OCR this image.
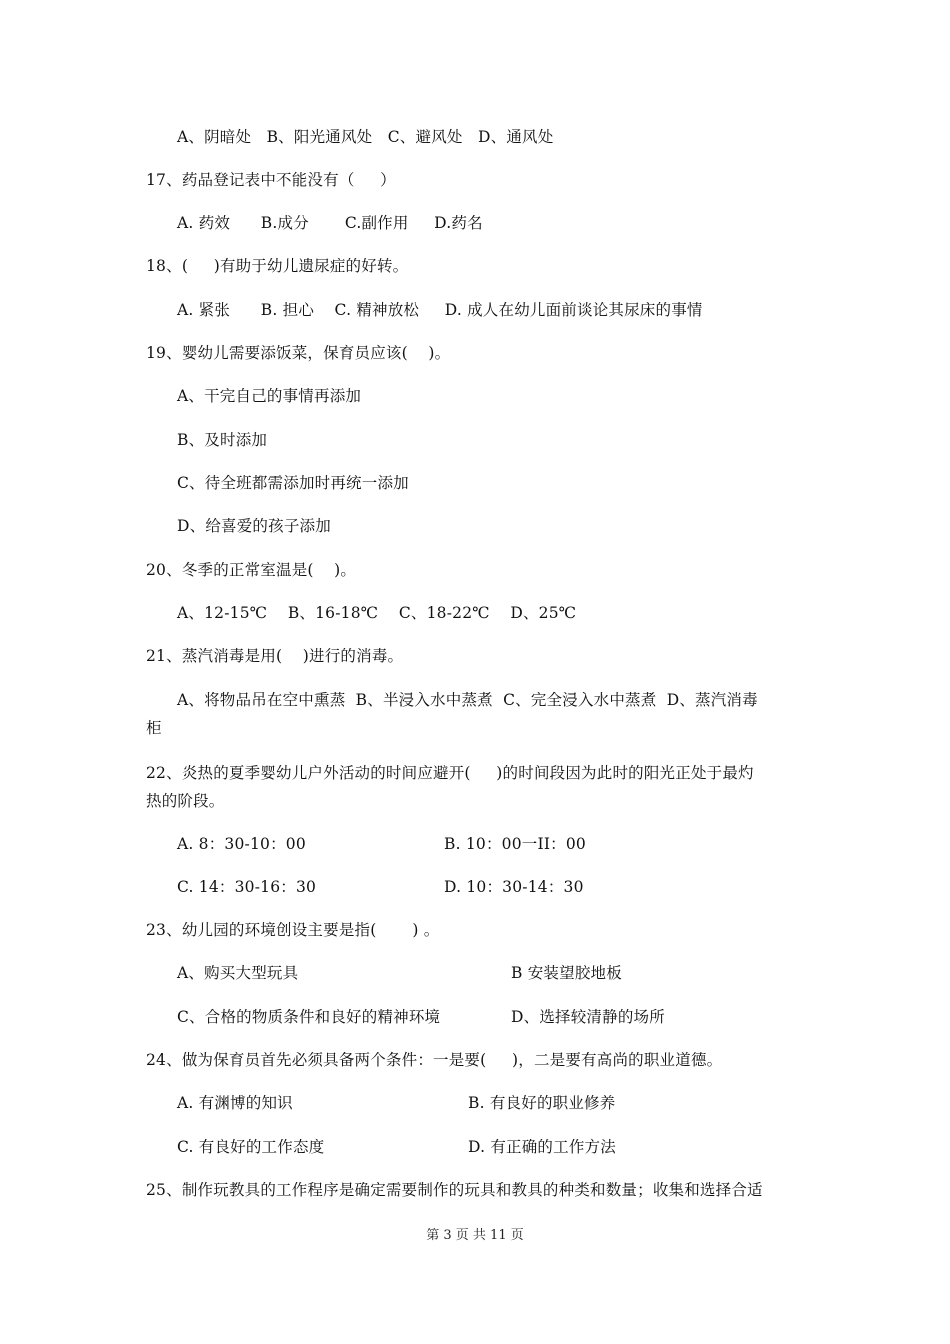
A、阴暗处   B、阳光通风处   C、避风处   D、通风处
17、药品登记表中不能没有（     ）
A. 药效      B.成分       C.副作用     D.药名
18、(     )有助于幼儿遗尿症的好转。
A. 紧张      B. 担心    C. 精神放松     D. 成人在幼儿面前谈论其尿床的事情
19、婴幼儿需要添饭菜，保育员应该(    )。
A、干完自己的事情再添加
B、及时添加
C、待全班都需添加时再统一添加
D、给喜爱的孩子添加
20、冬季的正常室温是(    )。
A、12-15℃    B、16-18℃    C、18-22℃    D、25℃
21、蒸汽消毒是用(    )进行的消毒。
A、将物品吊在空中熏蒸  B、半浸入水中蒸煮  C、完全浸入水中蒸煮  D、蒸汽消毒
柜
22、炎热的夏季婴幼儿户外活动的时间应避开(     )的时间段因为此时的阳光正处于最灼
热的阶段。
A. 8：30-10：00	B. 10：00一II：00
C. 14：30-16：30	D. 10：30-14：30
23、幼儿园的环境创设主要是指(       ) 。
A、购买大型玩具	B 安装望胶地板
C、合格的物质条件和良好的精神环境	D、选择较清静的场所
24、做为保育员首先必须具备两个条件：一是要(     )，二是要有高尚的职业道德。
A. 有渊博的知识	B. 有良好的职业修养
C. 有良好的工作态度	D. 有正确的工作方法
25、制作玩教具的工作程序是确定需要制作的玩具和教具的种类和数量；收集和选择合适
第 3 页 共 11 页
